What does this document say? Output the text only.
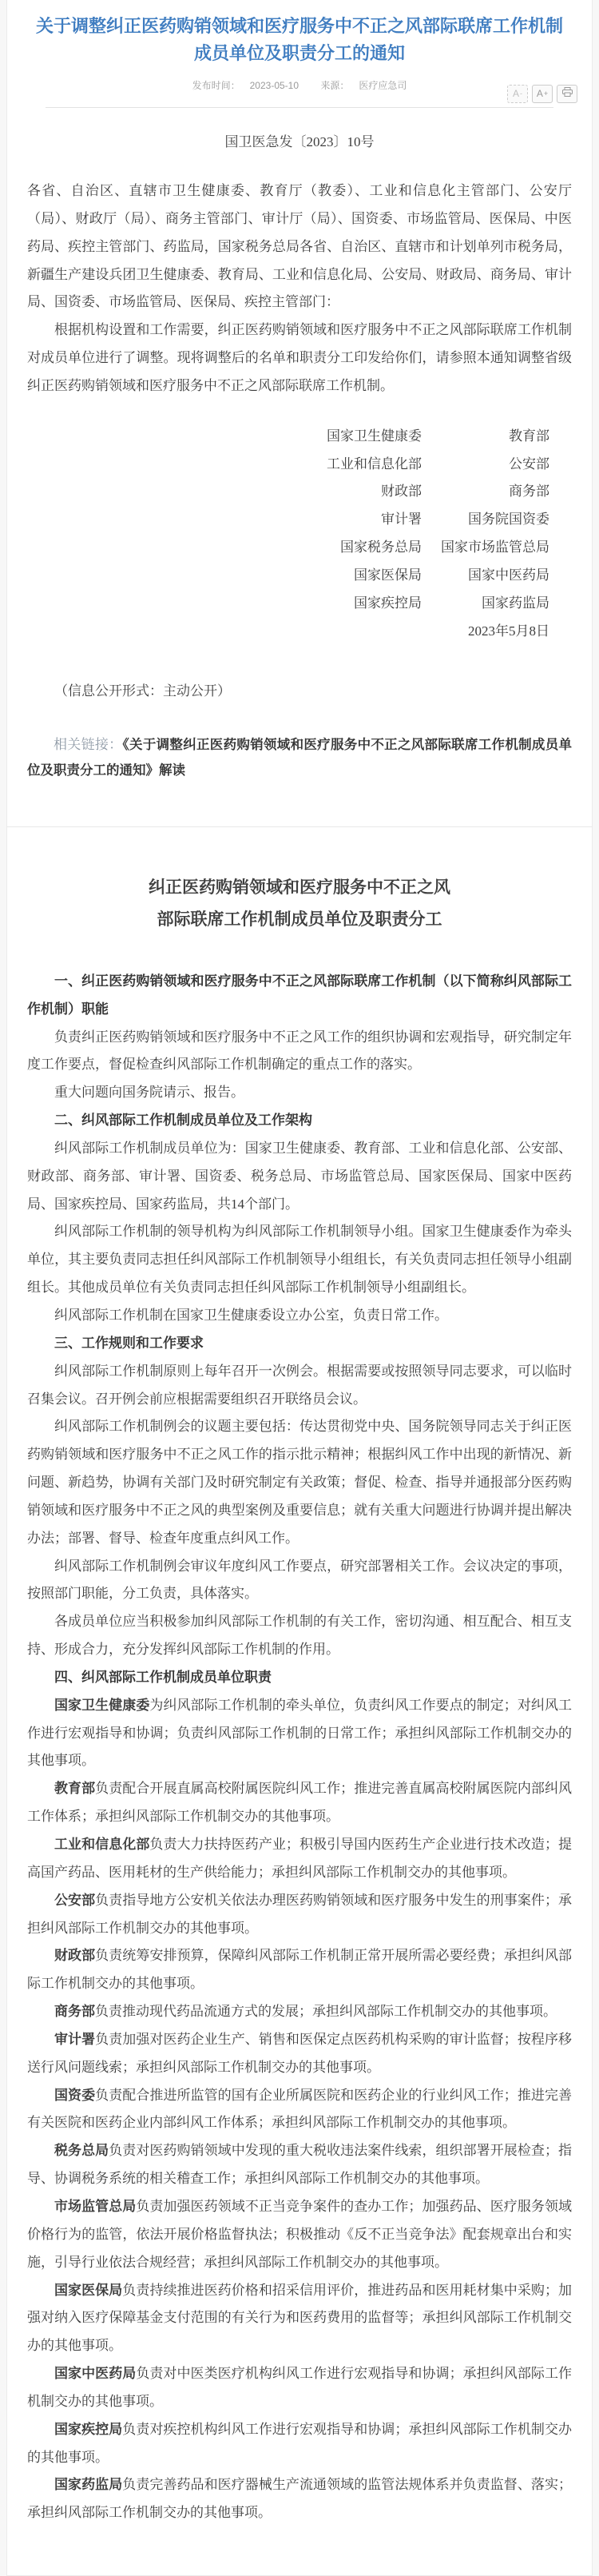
关于调整纠正医药购销领域和医疗服务中不正之风部际联席工作机制成员单位及职责分工的通知
发布时间： 2023-05-10 来源： 医疗应急司
A - A +
国卫医急发〔2023〕10号

各省、自治区、直辖市卫生健康委、教育厅（教委）、工业和信息化主管部门、公安厅（局）、财政厅（局）、商务主管部门、审计厅（局）、国资委、市场监管局、医保局、中医药局、疾控主管部门、药监局，国家税务总局各省、自治区、直辖市和计划单列市税务局，新疆生产建设兵团卫生健康委、教育局、工业和信息化局、公安局、财政局、商务局、审计局、国资委、市场监管局、医保局、疾控主管部门：

根据机构设置和工作需要，纠正医药购销领域和医疗服务中不正之风部际联席工作机制对成员单位进行了调整。现将调整后的名单和职责分工印发给你们，请参照本通知调整省级纠正医药购销领域和医疗服务中不正之风部际联席工作机制。

国家卫生健康委	教育部
工业和信息化部	公安部
财政部	商务部
审计署	国务院国资委
国家税务总局	国家市场监管总局
国家医保局	国家中医药局
国家疾控局	国家药监局
2023年5月8日

（信息公开形式：主动公开）

相关链接：《关于调整纠正医药购销领域和医疗服务中不正之风部际联席工作机制成员单位及职责分工的通知》解读

纠正医药购销领域和医疗服务中不正之风
部际联席工作机制成员单位及职责分工

一、纠正医药购销领域和医疗服务中不正之风部际联席工作机制（以下简称纠风部际工作机制）职能

负责纠正医药购销领域和医疗服务中不正之风工作的组织协调和宏观指导，研究制定年度工作要点，督促检查纠风部际工作机制确定的重点工作的落实。

重大问题向国务院请示、报告。

二、纠风部际工作机制成员单位及工作架构

纠风部际工作机制成员单位为：国家卫生健康委、教育部、工业和信息化部、公安部、财政部、商务部、审计署、国资委、税务总局、市场监管总局、国家医保局、国家中医药局、国家疾控局、国家药监局，共14个部门。

纠风部际工作机制的领导机构为纠风部际工作机制领导小组。国家卫生健康委作为牵头单位，其主要负责同志担任纠风部际工作机制领导小组组长，有关负责同志担任领导小组副组长。其他成员单位有关负责同志担任纠风部际工作机制领导小组副组长。

纠风部际工作机制在国家卫生健康委设立办公室，负责日常工作。

三、工作规则和工作要求

纠风部际工作机制原则上每年召开一次例会。根据需要或按照领导同志要求，可以临时召集会议。召开例会前应根据需要组织召开联络员会议。

纠风部际工作机制例会的议题主要包括：传达贯彻党中央、国务院领导同志关于纠正医药购销领域和医疗服务中不正之风工作的指示批示精神；根据纠风工作中出现的新情况、新问题、新趋势，协调有关部门及时研究制定有关政策；督促、检查、指导并通报部分医药购销领域和医疗服务中不正之风的典型案例及重要信息；就有关重大问题进行协调并提出解决办法；部署、督导、检查年度重点纠风工作。

纠风部际工作机制例会审议年度纠风工作要点，研究部署相关工作。会议决定的事项，按照部门职能，分工负责，具体落实。

各成员单位应当积极参加纠风部际工作机制的有关工作，密切沟通、相互配合、相互支持、形成合力，充分发挥纠风部际工作机制的作用。

四、纠风部际工作机制成员单位职责

国家卫生健康委为纠风部际工作机制的牵头单位，负责纠风工作要点的制定；对纠风工作进行宏观指导和协调；负责纠风部际工作机制的日常工作；承担纠风部际工作机制交办的其他事项。

教育部负责配合开展直属高校附属医院纠风工作；推进完善直属高校附属医院内部纠风工作体系；承担纠风部际工作机制交办的其他事项。

工业和信息化部负责大力扶持医药产业；积极引导国内医药生产企业进行技术改造；提高国产药品、医用耗材的生产供给能力；承担纠风部际工作机制交办的其他事项。

公安部负责指导地方公安机关依法办理医药购销领域和医疗服务中发生的刑事案件；承担纠风部际工作机制交办的其他事项。

财政部负责统筹安排预算，保障纠风部际工作机制正常开展所需必要经费；承担纠风部际工作机制交办的其他事项。

商务部负责推动现代药品流通方式的发展；承担纠风部际工作机制交办的其他事项。

审计署负责加强对医药企业生产、销售和医保定点医药机构采购的审计监督；按程序移送行风问题线索；承担纠风部际工作机制交办的其他事项。

国资委负责配合推进所监管的国有企业所属医院和医药企业的行业纠风工作；推进完善有关医院和医药企业内部纠风工作体系；承担纠风部际工作机制交办的其他事项。

税务总局负责对医药购销领域中发现的重大税收违法案件线索，组织部署开展检查；指导、协调税务系统的相关稽查工作；承担纠风部际工作机制交办的其他事项。

市场监管总局负责加强医药领域不正当竞争案件的查办工作；加强药品、医疗服务领域价格行为的监管，依法开展价格监督执法；积极推动《反不正当竞争法》配套规章出台和实施，引导行业依法合规经营；承担纠风部际工作机制交办的其他事项。

国家医保局负责持续推进医药价格和招采信用评价，推进药品和医用耗材集中采购；加强对纳入医疗保障基金支付范围的有关行为和医药费用的监督等；承担纠风部际工作机制交办的其他事项。

国家中医药局负责对中医类医疗机构纠风工作进行宏观指导和协调；承担纠风部际工作机制交办的其他事项。

国家疾控局负责对疾控机构纠风工作进行宏观指导和协调；承担纠风部际工作机制交办的其他事项。

国家药监局负责完善药品和医疗器械生产流通领域的监管法规体系并负责监督、落实；承担纠风部际工作机制交办的其他事项。
